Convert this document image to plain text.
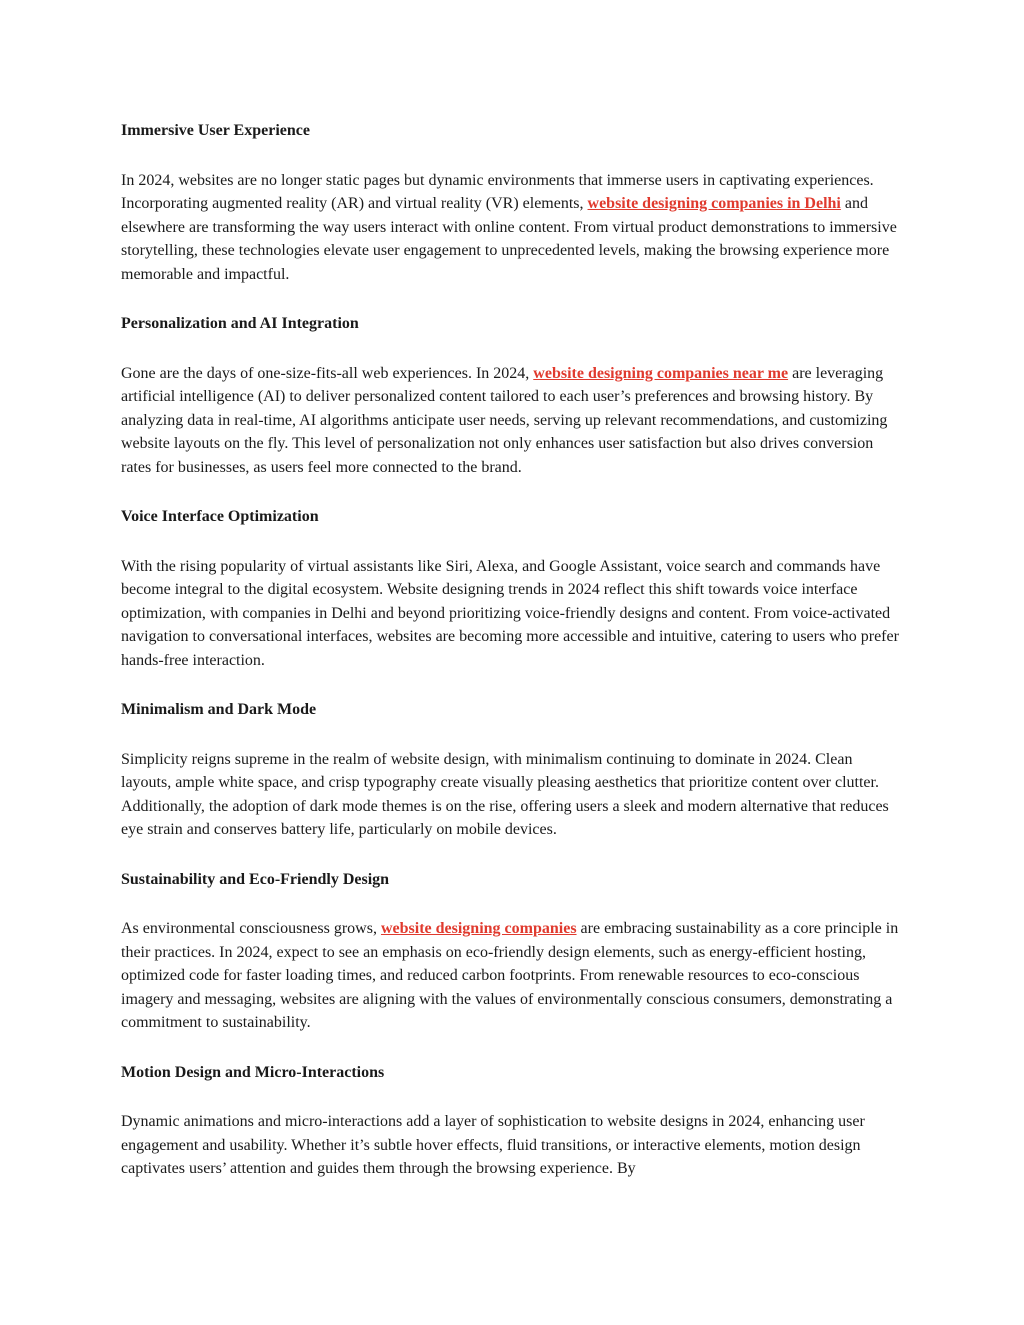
Immersive User Experience

In 2024, websites are no longer static pages but dynamic environments that immerse users in captivating experiences. Incorporating augmented reality (AR) and virtual reality (VR) elements, website designing companies in Delhi and elsewhere are transforming the way users interact with online content. From virtual product demonstrations to immersive storytelling, these technologies elevate user engagement to unprecedented levels, making the browsing experience more memorable and impactful.

Personalization and AI Integration

Gone are the days of one-size-fits-all web experiences. In 2024, website designing companies near me are leveraging artificial intelligence (AI) to deliver personalized content tailored to each user’s preferences and browsing history. By analyzing data in real-time, AI algorithms anticipate user needs, serving up relevant recommendations, and customizing website layouts on the fly. This level of personalization not only enhances user satisfaction but also drives conversion rates for businesses, as users feel more connected to the brand.

Voice Interface Optimization

With the rising popularity of virtual assistants like Siri, Alexa, and Google Assistant, voice search and commands have become integral to the digital ecosystem. Website designing trends in 2024 reflect this shift towards voice interface optimization, with companies in Delhi and beyond prioritizing voice-friendly designs and content. From voice-activated navigation to conversational interfaces, websites are becoming more accessible and intuitive, catering to users who prefer hands-free interaction.

Minimalism and Dark Mode

Simplicity reigns supreme in the realm of website design, with minimalism continuing to dominate in 2024. Clean layouts, ample white space, and crisp typography create visually pleasing aesthetics that prioritize content over clutter. Additionally, the adoption of dark mode themes is on the rise, offering users a sleek and modern alternative that reduces eye strain and conserves battery life, particularly on mobile devices.

Sustainability and Eco-Friendly Design

As environmental consciousness grows, website designing companies are embracing sustainability as a core principle in their practices. In 2024, expect to see an emphasis on eco-friendly design elements, such as energy-efficient hosting, optimized code for faster loading times, and reduced carbon footprints. From renewable resources to eco-conscious imagery and messaging, websites are aligning with the values of environmentally conscious consumers, demonstrating a commitment to sustainability.

Motion Design and Micro-Interactions

Dynamic animations and micro-interactions add a layer of sophistication to website designs in 2024, enhancing user engagement and usability. Whether it’s subtle hover effects, fluid transitions, or interactive elements, motion design captivates users’ attention and guides them through the browsing experience. By
